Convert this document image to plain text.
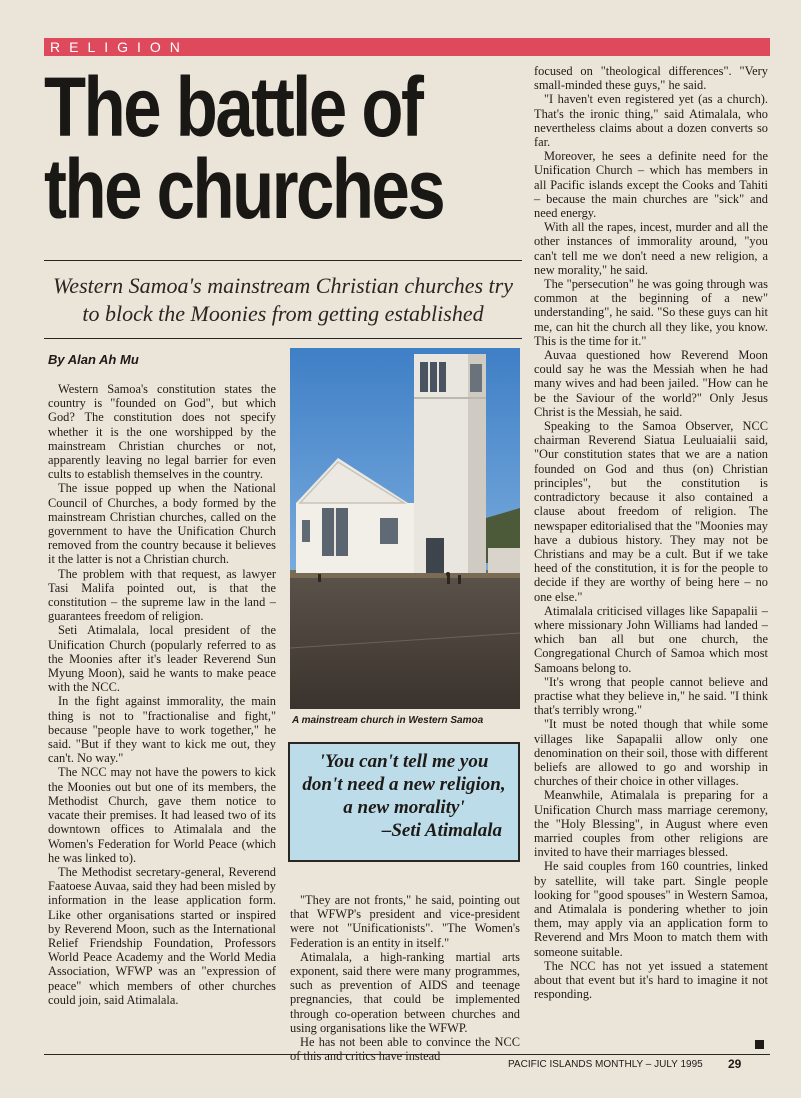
RELIGION
The battle of
the churches

Western Samoa's mainstream Christian churches try to block the Moonies from getting established

By Alan Ah Mu

Western Samoa's constitution states the country is "founded on God", but which God? The constitution does not specify whether it is the one worshipped by the mainstream Christian churches or not, apparently leaving no legal barrier for even cults to establish themselves in the country.

The issue popped up when the National Council of Churches, a body formed by the mainstream Christian churches, called on the government to have the Unification Church removed from the country because it believes it the latter is not a Christian church.

The problem with that request, as lawyer Tasi Malifa pointed out, is that the constitution – the supreme law in the land – guarantees freedom of religion.

Seti Atimalala, local president of the Unification Church (popularly referred to as the Moonies after it's leader Reverend Sun Myung Moon), said he wants to make peace with the NCC.

In the fight against immorality, the main thing is not to "fractionalise and fight," because "people have to work together," he said. "But if they want to kick me out, they can't. No way."

The NCC may not have the powers to kick the Moonies out but one of its members, the Methodist Church, gave them notice to vacate their premises. It had leased two of its downtown offices to Atimalala and the Women's Federation for World Peace (which he was linked to).

The Methodist secretary-general, Reverend Faatoese Auvaa, said they had been misled by information in the lease application form. Like other organisations started or inspired by Reverend Moon, such as the International Relief Friendship Foundation, Professors World Peace Academy and the World Media Association, WFWP was an "expression of peace" which members of other churches could join, said Atimalala.

A mainstream church in Western Samoa

'You can't tell me you don't need a new religion, a new morality'
–Seti Atimalala

"They are not fronts," he said, pointing out that WFWP's president and vice-president were not "Unificationists". "The Women's Federation is an entity in itself."

Atimalala, a high-ranking martial arts exponent, said there were many programmes, such as prevention of AIDS and teenage pregnancies, that could be implemented through co-operation between churches and using organisations like the WFWP.

He has not been able to convince the NCC of this and critics have instead

focused on "theological differences". "Very small-minded these guys," he said.

"I haven't even registered yet (as a church). That's the ironic thing," said Atimalala, who nevertheless claims about a dozen converts so far.

Moreover, he sees a definite need for the Unification Church – which has members in all Pacific islands except the Cooks and Tahiti – because the main churches are "sick" and need energy.

With all the rapes, incest, murder and all the other instances of immorality around, "you can't tell me we don't need a new religion, a new morality," he said.

The "persecution" he was going through was common at the beginning of a new" understanding", he said. "So these guys can hit me, can hit the church all they like, you know. This is the time for it."

Auvaa questioned how Reverend Moon could say he was the Messiah when he had many wives and had been jailed. "How can he be the Saviour of the world?" Only Jesus Christ is the Messiah, he said.

Speaking to the Samoa Observer, NCC chairman Reverend Siatua Leuluaialii said, "Our constitution states that we are a nation founded on God and thus (on) Christian principles", but the constitution is contradictory because it also contained a clause about freedom of religion. The newspaper editorialised that the "Moonies may have a dubious history. They may not be Christians and may be a cult. But if we take heed of the constitution, it is for the people to decide if they are worthy of being here – no one else."

Atimalala criticised villages like Sapapalii – where missionary John Williams had landed – which ban all but one church, the Congregational Church of Samoa which most Samoans belong to.

"It's wrong that people cannot believe and practise what they believe in," he said. "I think that's terribly wrong."

"It must be noted though that while some villages like Sapapalii allow only one denomination on their soil, those with different beliefs are allowed to go and worship in churches of their choice in other villages.

Meanwhile, Atimalala is preparing for a Unification Church mass marriage ceremony, the "Holy Blessing", in August where even married couples from other religions are invited to have their marriages blessed.

He said couples from 160 countries, linked by satellite, will take part. Single people looking for "good spouses" in Western Samoa, and Atimalala is pondering whether to join them, may apply via an application form to Reverend and Mrs Moon to match them with someone suitable.

The NCC has not yet issued a statement about that event but it's hard to imagine it not responding.

PACIFIC ISLANDS MONTHLY – JULY 1995 29
